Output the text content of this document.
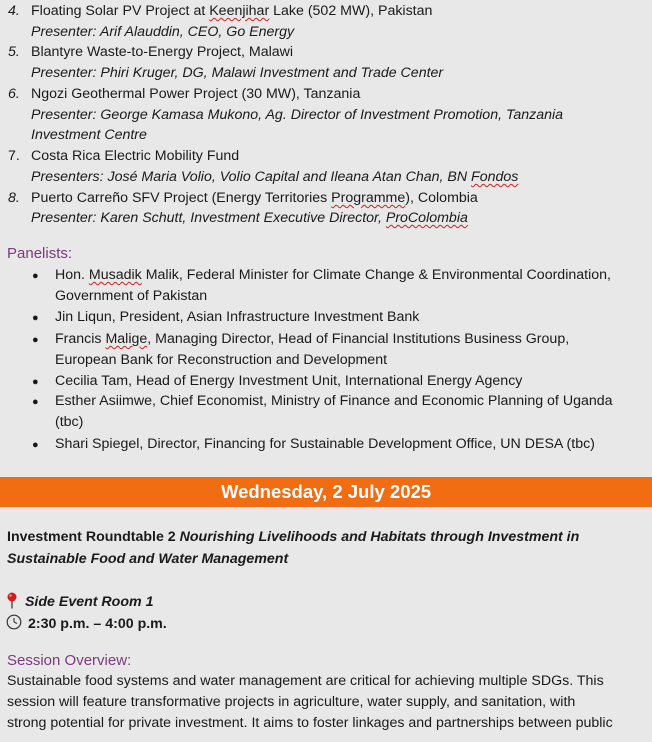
4. Floating Solar PV Project at Keenjihar Lake (502 MW), Pakistan
Presenter: Arif Alauddin, CEO, Go Energy
5. Blantyre Waste-to-Energy Project, Malawi
Presenter: Phiri Kruger, DG, Malawi Investment and Trade Center
6. Ngozi Geothermal Power Project (30 MW), Tanzania
Presenter: George Kamasa Mukono, Ag. Director of Investment Promotion, Tanzania
Investment Centre
7. Costa Rica Electric Mobility Fund
Presenters: José Maria Volio, Volio Capital and Ileana Atan Chan, BN Fondos
8. Puerto Carreño SFV Project (Energy Territories Programme), Colombia
Presenter: Karen Schutt, Investment Executive Director, ProColombia
Panelists:
● Hon. Musadik Malik, Federal Minister for Climate Change & Environmental Coordination,
Government of Pakistan
● Jin Liqun, President, Asian Infrastructure Investment Bank
● Francis Malige, Managing Director, Head of Financial Institutions Business Group,
European Bank for Reconstruction and Development
● Cecilia Tam, Head of Energy Investment Unit, International Energy Agency
● Esther Asiimwe, Chief Economist, Ministry of Finance and Economic Planning of Uganda
(tbc)
● Shari Spiegel, Director, Financing for Sustainable Development Office, UN DESA (tbc)
Wednesday, 2 July 2025
Investment Roundtable 2 Nourishing Livelihoods and Habitats through Investment in
Sustainable Food and Water Management
Side Event Room 1
2:30 p.m. – 4:00 p.m.
Session Overview:
Sustainable food systems and water management are critical for achieving multiple SDGs. This
session will feature transformative projects in agriculture, water supply, and sanitation, with
strong potential for private investment. It aims to foster linkages and partnerships between public
